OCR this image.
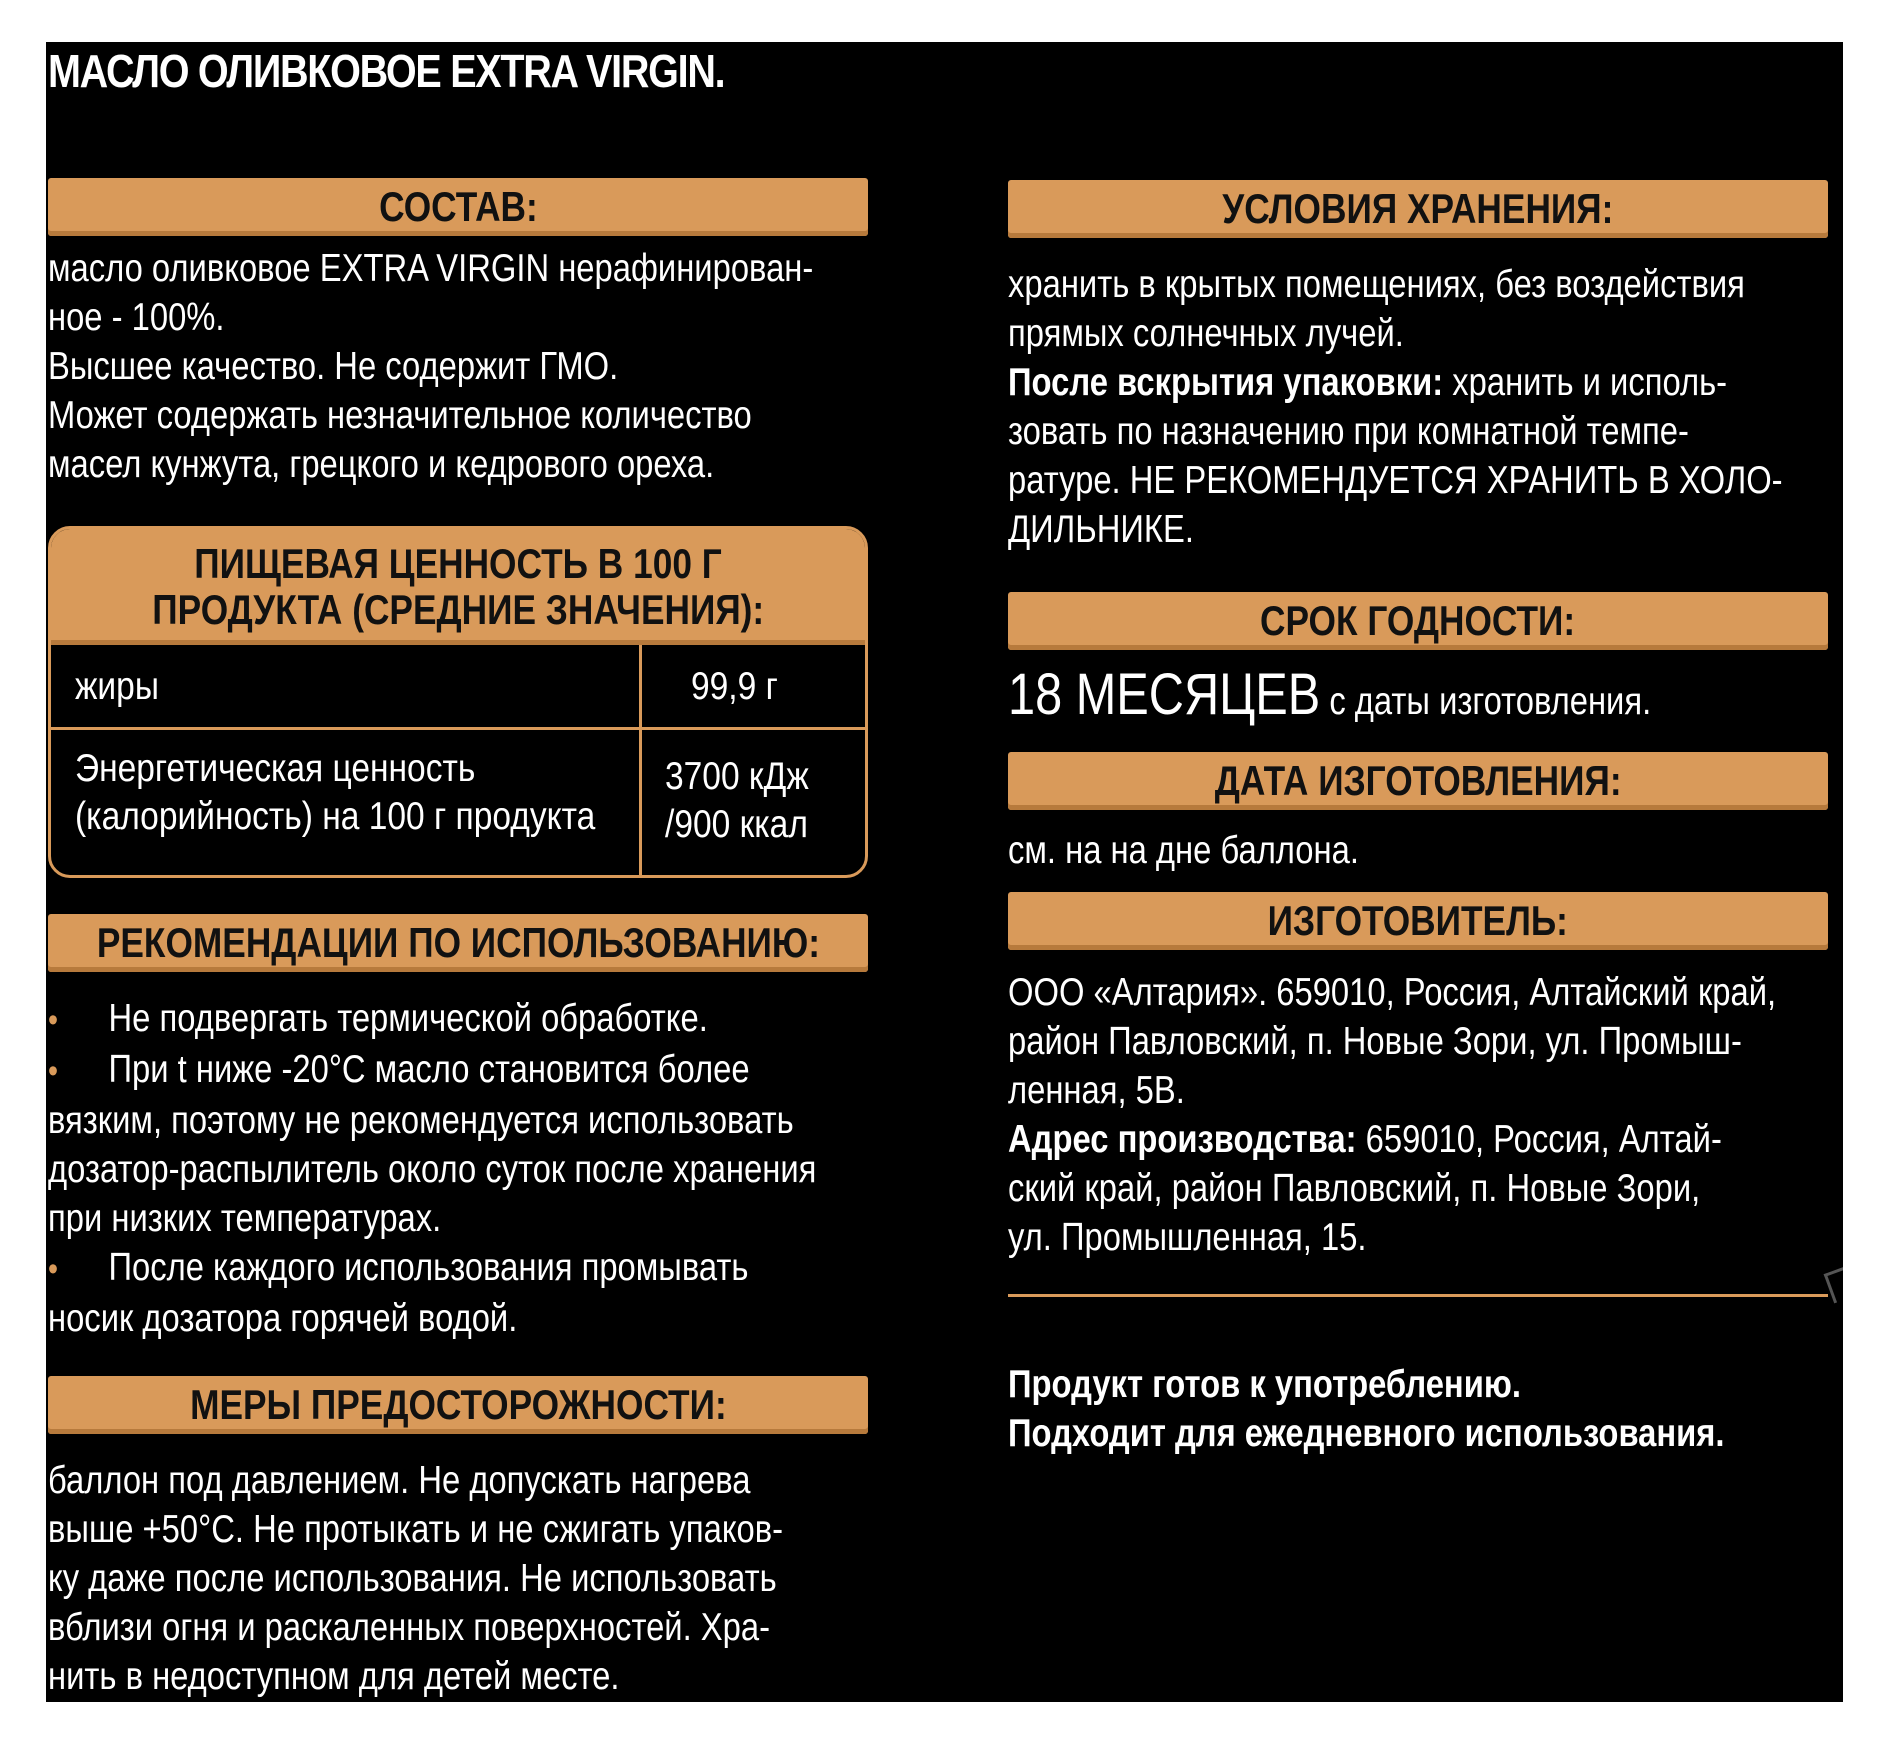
МАСЛО ОЛИВКОВОЕ EXTRA VIRGIN.
СОСТАВ:

масло оливковое EXTRA VIRGIN нерафинирован-

ное - 100%.

Высшее качество. Не содержит ГМО.

Может содержать незначительное количество

масел кунжута, грецкого и кедрового ореха.

ПИЩЕВАЯ ЦЕННОСТЬ В 100 Г
ПРОДУКТА (СРЕДНИЕ ЗНАЧЕНИЯ):
жиры	99,9 г
Энергетическая ценность
(калорийность) на 100 г продукта
3700 кДж
/900 ккал
РЕКОМЕНДАЦИИ ПО ИСПОЛЬЗОВАНИЮ:

• Не подвергать термической обработке.

• При t ниже -20°C масло становится более

вязким, поэтому не рекомендуется использовать

дозатор-распылитель около суток после хранения

при низких температурах.

• После каждого использования промывать

носик дозатора горячей водой.

МЕРЫ ПРЕДОСТОРОЖНОСТИ:

баллон под давлением. Не допускать нагрева

выше +50°C. Не протыкать и не сжигать упаков-

ку даже после использования. Не использовать

вблизи огня и раскаленных поверхностей. Хра-

нить в недоступном для детей месте.

УСЛОВИЯ ХРАНЕНИЯ:

хранить в крытых помещениях, без воздействия

прямых солнечных лучей.

После вскрытия упаковки: хранить и исполь-

зовать по назначению при комнатной темпе-

ратуре. НЕ РЕКОМЕНДУЕТСЯ ХРАНИТЬ В ХОЛО-

ДИЛЬНИКЕ.

СРОК ГОДНОСТИ:

18 МЕСЯЦЕВ с даты изготовления.

ДАТА ИЗГОТОВЛЕНИЯ:

см. на на дне баллона.

ИЗГОТОВИТЕЛЬ:

ООО «Алтария». 659010, Россия, Алтайский край,

район Павловский, п. Новые Зори, ул. Промыш-

ленная, 5В.

Адрес производства: 659010, Россия, Алтай-

ский край, район Павловский, п. Новые Зори,

ул. Промышленная, 15.

Продукт готов к употреблению.

Подходит для ежедневного использования.
